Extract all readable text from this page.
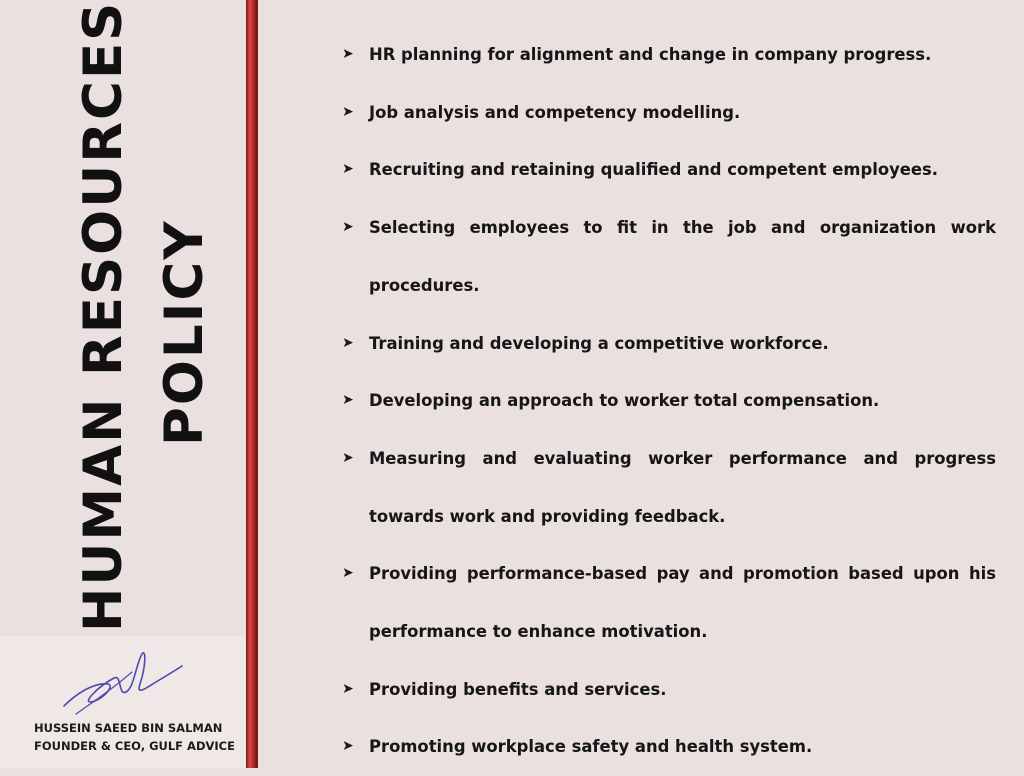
HUMAN RESOURCES POLICY
HUSSEIN SAEED BIN SALMAN
FOUNDER & CEO, GULF ADVICE
➤ HR planning for alignment and change in company progress.
➤ Job analysis and competency modelling.
➤ Recruiting and retaining qualified and competent employees.
➤ Selecting employees to fit in the job and organization work procedures.
➤ Training and developing a competitive workforce.
➤ Developing an approach to worker total compensation.
➤ Measuring and evaluating worker performance and progress towards work and providing feedback.
➤ Providing performance-based pay and promotion based upon his performance to enhance motivation.
➤ Providing benefits and services.
➤ Promoting workplace safety and health system.
